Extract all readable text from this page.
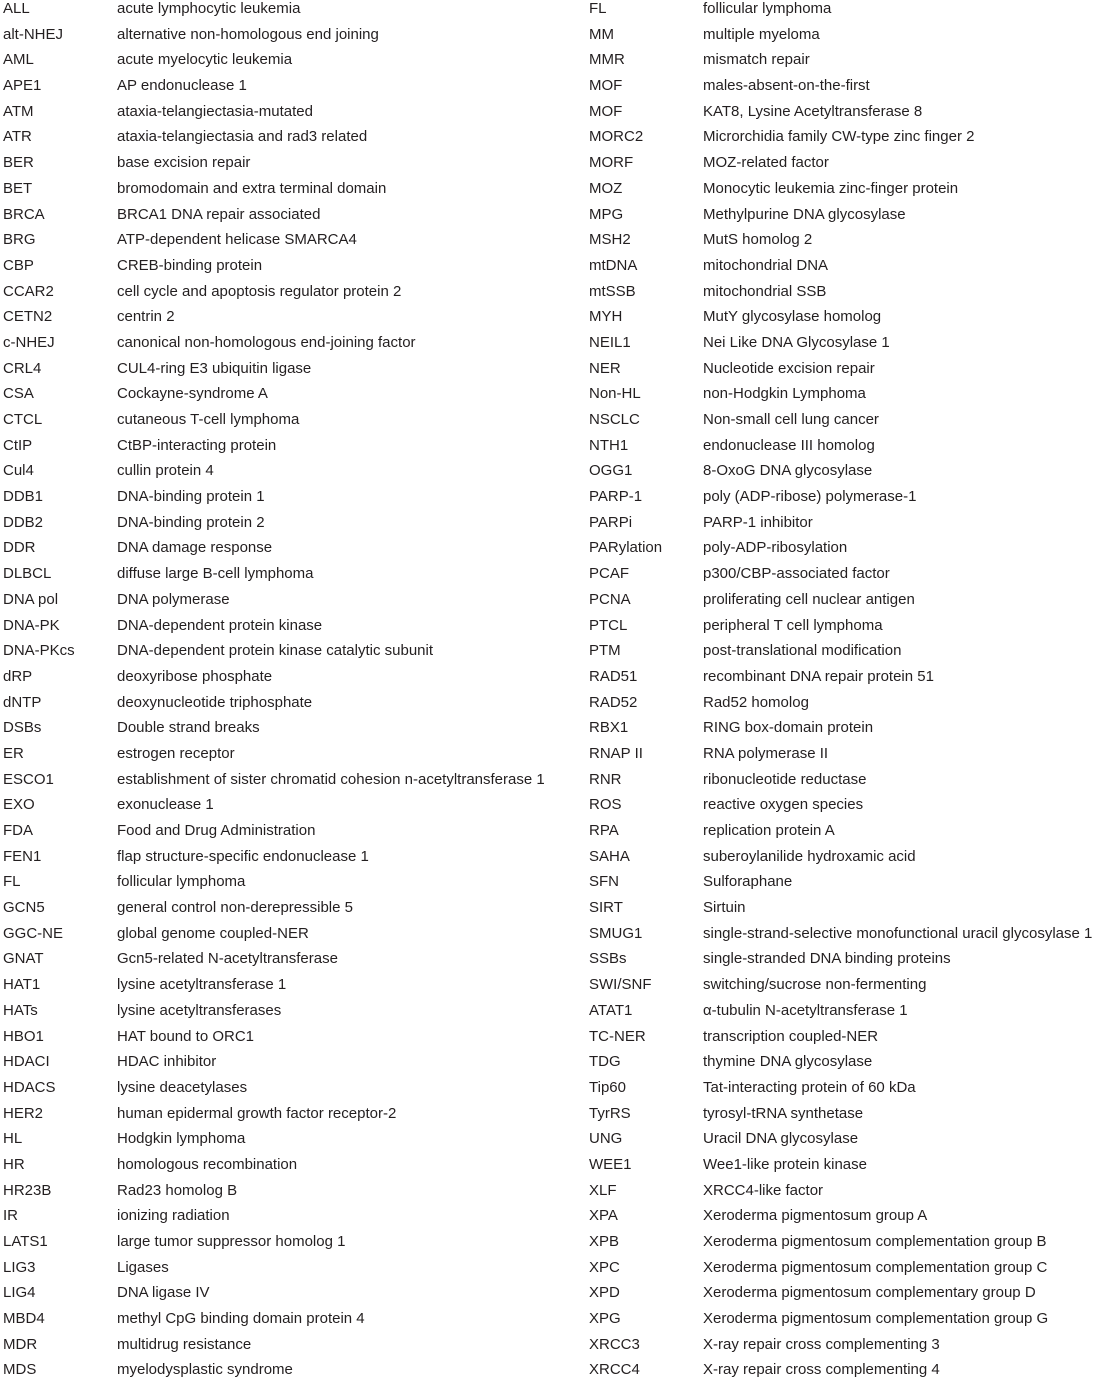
ALL	acute lymphocytic leukemia	FL	follicular lymphoma
alt-NHEJ	alternative non-homologous end joining	MM	multiple myeloma
AML	acute myelocytic leukemia	MMR	mismatch repair
APE1	AP endonuclease 1	MOF	males-absent-on-the-first
ATM	ataxia-telangiectasia-mutated	MOF	KAT8, Lysine Acetyltransferase 8
ATR	ataxia-telangiectasia and rad3 related	MORC2	Microrchidia family CW-type zinc finger 2
BER	base excision repair	MORF	MOZ-related factor
BET	bromodomain and extra terminal domain	MOZ	Monocytic leukemia zinc-finger protein
BRCA	BRCA1 DNA repair associated	MPG	Methylpurine DNA glycosylase
BRG	ATP-dependent helicase SMARCA4	MSH2	MutS homolog 2
CBP	CREB-binding protein	mtDNA	mitochondrial DNA
CCAR2	cell cycle and apoptosis regulator protein 2	mtSSB	mitochondrial SSB
CETN2	centrin 2	MYH	MutY glycosylase homolog
c-NHEJ	canonical non-homologous end-joining factor	NEIL1	Nei Like DNA Glycosylase 1
CRL4	CUL4-ring E3 ubiquitin ligase	NER	Nucleotide excision repair
CSA	Cockayne-syndrome A	Non-HL	non-Hodgkin Lymphoma
CTCL	cutaneous T-cell lymphoma	NSCLC	Non-small cell lung cancer
CtIP	CtBP-interacting protein	NTH1	endonuclease III homolog
Cul4	cullin protein 4	OGG1	8-OxoG DNA glycosylase
DDB1	DNA-binding protein 1	PARP-1	poly (ADP-ribose) polymerase-1
DDB2	DNA-binding protein 2	PARPi	PARP-1 inhibitor
DDR	DNA damage response	PARylation	poly-ADP-ribosylation
DLBCL	diffuse large B-cell lymphoma	PCAF	p300/CBP-associated factor
DNA pol	DNA polymerase	PCNA	proliferating cell nuclear antigen
DNA-PK	DNA-dependent protein kinase	PTCL	peripheral T cell lymphoma
DNA-PKcs	DNA-dependent protein kinase catalytic subunit	PTM	post-translational modification
dRP	deoxyribose phosphate	RAD51	recombinant DNA repair protein 51
dNTP	deoxynucleotide triphosphate	RAD52	Rad52 homolog
DSBs	Double strand breaks	RBX1	RING box-domain protein
ER	estrogen receptor	RNAP II	RNA polymerase II
ESCO1	establishment of sister chromatid cohesion n-acetyltransferase 1	RNR	ribonucleotide reductase
EXO	exonuclease 1	ROS	reactive oxygen species
FDA	Food and Drug Administration	RPA	replication protein A
FEN1	flap structure-specific endonuclease 1	SAHA	suberoylanilide hydroxamic acid
FL	follicular lymphoma	SFN	Sulforaphane
GCN5	general control non-derepressible 5	SIRT	Sirtuin
GGC-NE	global genome coupled-NER	SMUG1	single-strand-selective monofunctional uracil glycosylase 1
GNAT	Gcn5-related N-acetyltransferase	SSBs	single-stranded DNA binding proteins
HAT1	lysine acetyltransferase 1	SWI/SNF	switching/sucrose non-fermenting
HATs	lysine acetyltransferases	ATAT1	α-tubulin N-acetyltransferase 1
HBO1	HAT bound to ORC1	TC-NER	transcription coupled-NER
HDACI	HDAC inhibitor	TDG	thymine DNA glycosylase
HDACS	lysine deacetylases	Tip60	Tat-interacting protein of 60 kDa
HER2	human epidermal growth factor receptor-2	TyrRS	tyrosyl-tRNA synthetase
HL	Hodgkin lymphoma	UNG	Uracil DNA glycosylase
HR	homologous recombination	WEE1	Wee1-like protein kinase
HR23B	Rad23 homolog B	XLF	XRCC4-like factor
IR	ionizing radiation	XPA	Xeroderma pigmentosum group A
LATS1	large tumor suppressor homolog 1	XPB	Xeroderma pigmentosum complementation group B
LIG3	Ligases	XPC	Xeroderma pigmentosum complementation group C
LIG4	DNA ligase IV	XPD	Xeroderma pigmentosum complementary group D
MBD4	methyl CpG binding domain protein 4	XPG	Xeroderma pigmentosum complementation group G
MDR	multidrug resistance	XRCC3	X-ray repair cross complementing 3
MDS	myelodysplastic syndrome	XRCC4	X-ray repair cross complementing 4
